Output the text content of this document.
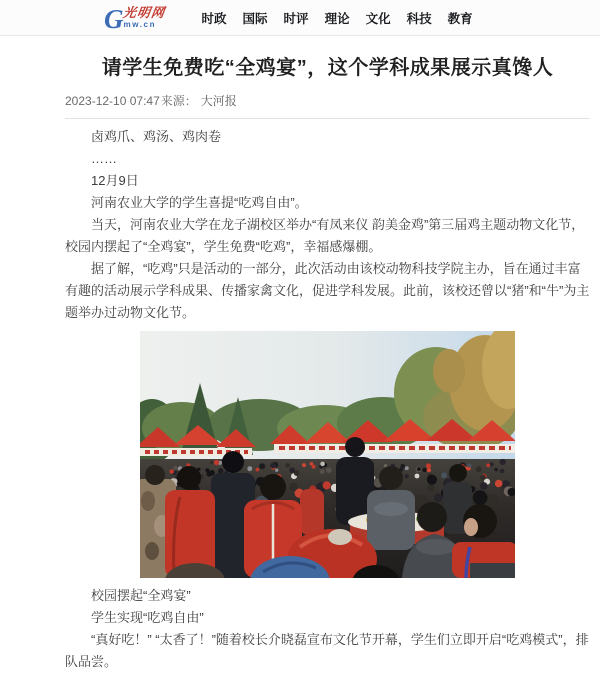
G
光明网
mw.cn	时政 国际 时评 理论 文化 科技 教育
请学生免费吃“全鸡宴”，这个学科成果展示真馋人
2023-12-10 07:47来源： 大河报

卤鸡爪、鸡汤、鸡肉卷

……

12月9日

河南农业大学的学生喜提“吃鸡自由”。

当天，河南农业大学在龙子湖校区举办“有凤来仪 韵美金鸡”第三届鸡主题动物文化节，校园内摆起了“全鸡宴”，学生免费“吃鸡”，幸福感爆棚。

据了解，“吃鸡”只是活动的一部分，此次活动由该校动物科技学院主办，旨在通过丰富有趣的活动展示学科成果、传播家禽文化，促进学科发展。此前，该校还曾以“猪”和“牛”为主题举办过动物文化节。

校园摆起“全鸡宴”

学生实现“吃鸡自由”

“真好吃！” “太香了！”随着校长介晓磊宣布文化节开幕，学生们立即开启“吃鸡模式”，排队品尝。
